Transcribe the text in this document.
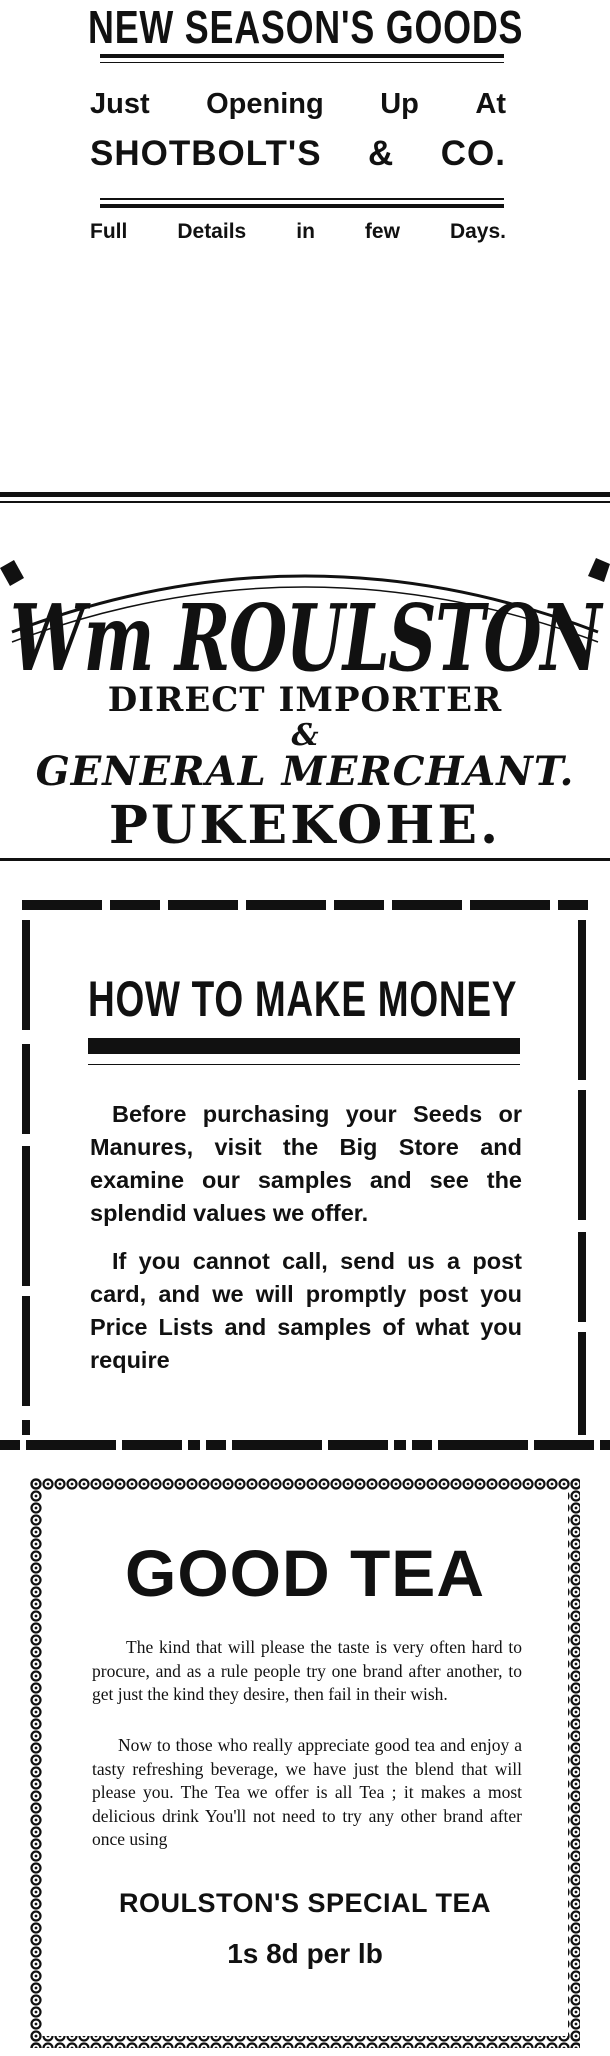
NEW SEASON'S GOODS
Just Opening Up At
SHOTBOLT'S & CO.
Full Details in few Days.
Wm ROULSTON
DIRECT IMPORTER
&
GENERAL MERCHANT.
PUKEKOHE.
HOW TO MAKE MONEY
Before purchasing your Seeds or Manures, visit the Big Store and examine our samples and see the splendid values we offer.
If you cannot call, send us a post card, and we will promptly post you Price Lists and samples of what you require
GOOD TEA
The kind that will please the taste is very often hard to procure, and as a rule people try one brand after another, to get just the kind they desire, then fail in their wish.
Now to those who really appreciate good tea and enjoy a tasty refreshing beverage, we have just the blend that will please you. The Tea we offer is all Tea ; it makes a most delicious drink You'll not need to try any other brand after once using
ROULSTON'S SPECIAL TEA
1s 8d per lb
